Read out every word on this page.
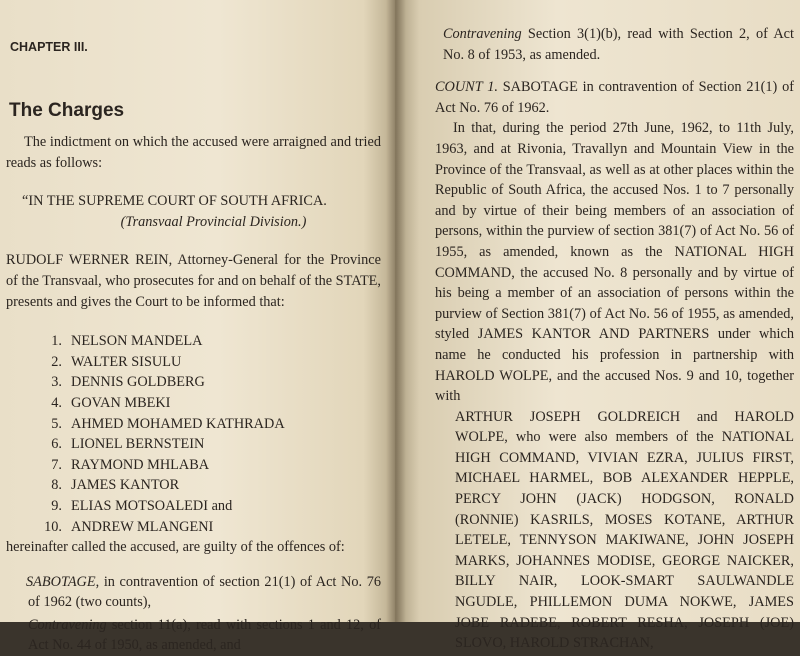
CHAPTER III.
The Charges

The indictment on which the accused were arraigned and tried reads as follows:

“IN THE SUPREME COURT OF SOUTH AFRICA.

(Transvaal Provincial Division.)

RUDOLF WERNER REIN, Attorney-General for the Province of the Transvaal, who prosecutes for and on behalf of the STATE, presents and gives the Court to be informed that:

1. NELSON MANDELA
2. WALTER SISULU
3. DENNIS GOLDBERG
4. GOVAN MBEKI
5. AHMED MOHAMED KATHRADA
6. LIONEL BERNSTEIN
7. RAYMOND MHLABA
8. JAMES KANTOR
9. ELIAS MOTSOALEDI and
10. ANDREW MLANGENI

hereinafter called the accused, are guilty of the offences of:

SABOTAGE, in contravention of section 21(1) of Act No. 76 of 1962 (two counts),

Contravening section 11(a), read with sections 1 and 12, of Act No. 44 of 1950, as amended, and

Contravening Section 3(1)(b), read with Section 2, of Act No. 8 of 1953, as amended.

COUNT 1. SABOTAGE in contravention of Section 21(1) of Act No. 76 of 1962.

In that, during the period 27th June, 1962, to 11th July, 1963, and at Rivonia, Travallyn and Mountain View in the Province of the Transvaal, as well as at other places within the Republic of South Africa, the accused Nos. 1 to 7 personally and by virtue of their being members of an association of persons, within the purview of section 381(7) of Act No. 56 of 1955, as amended, known as the NATIONAL HIGH COMMAND, the accused No. 8 personally and by virtue of his being a member of an association of persons within the purview of Section 381(7) of Act No. 56 of 1955, as amended, styled JAMES KANTOR AND PARTNERS under which name he conducted his profession in partnership with HAROLD WOLPE, and the accused Nos. 9 and 10, together with

ARTHUR JOSEPH GOLDREICH and HAROLD WOLPE, who were also members of the NATIONAL HIGH COMMAND, VIVIAN EZRA, JULIUS FIRST, MICHAEL HARMEL, BOB ALEXANDER HEPPLE, PERCY JOHN (JACK) HODGSON, RONALD (RONNIE) KASRILS, MOSES KOTANE, ARTHUR LETELE, TENNYSON MAKIWANE, JOHN JOSEPH MARKS, JOHANNES MODISE, GEORGE NAICKER, BILLY NAIR, LOOK-SMART SAULWANDLE NGUDLE, PHILLEMON DUMA NOKWE, JAMES JOBE RADEBE, ROBERT RESHA, JOSEPH (JOE) SLOVO, HAROLD STRACHAN,
